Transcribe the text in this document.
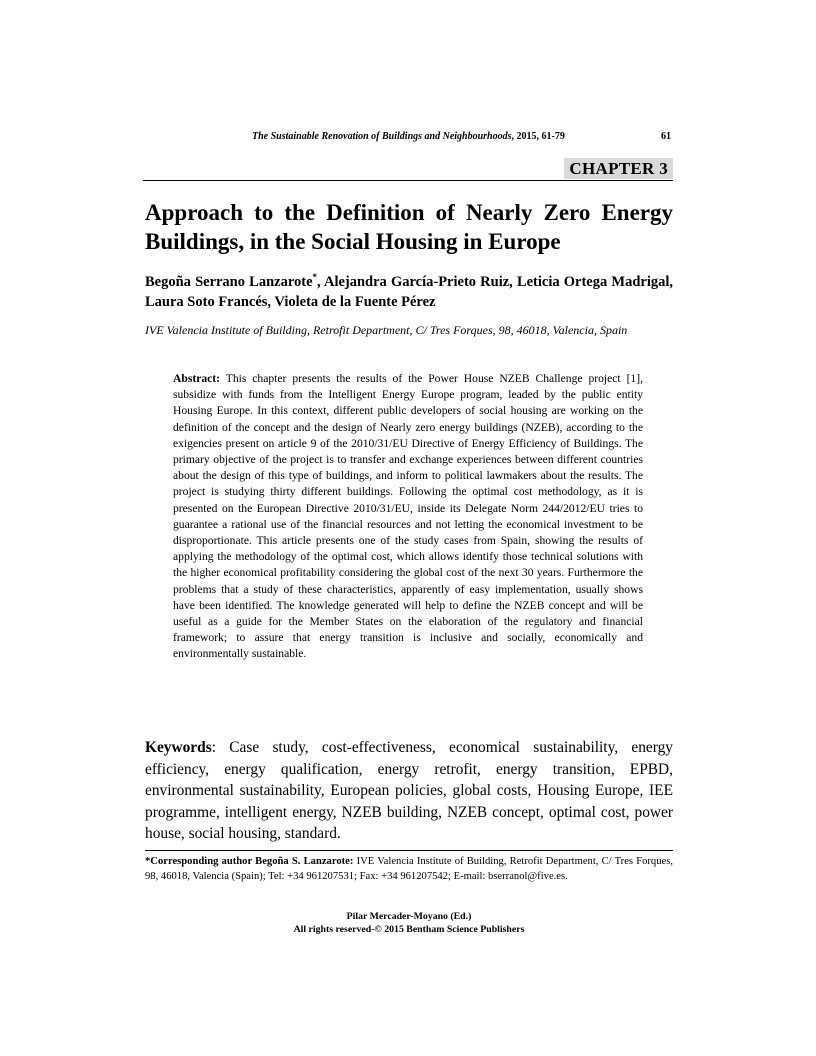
The Sustainable Renovation of Buildings and Neighbourhoods, 2015, 61-79	61
CHAPTER 3
Approach to the Definition of Nearly Zero Energy Buildings, in the Social Housing in Europe
Begoña Serrano Lanzarote*, Alejandra García-Prieto Ruiz, Leticia Ortega Madrigal, Laura Soto Francés, Violeta de la Fuente Pérez
IVE Valencia Institute of Building, Retrofit Department, C/ Tres Forques, 98, 46018, Valencia, Spain
Abstract: This chapter presents the results of the Power House NZEB Challenge project [1], subsidize with funds from the Intelligent Energy Europe program, leaded by the public entity Housing Europe. In this context, different public developers of social housing are working on the definition of the concept and the design of Nearly zero energy buildings (NZEB), according to the exigencies present on article 9 of the 2010/31/EU Directive of Energy Efficiency of Buildings. The primary objective of the project is to transfer and exchange experiences between different countries about the design of this type of buildings, and inform to political lawmakers about the results. The project is studying thirty different buildings. Following the optimal cost methodology, as it is presented on the European Directive 2010/31/EU, inside its Delegate Norm 244/2012/EU tries to guarantee a rational use of the financial resources and not letting the economical investment to be disproportionate. This article presents one of the study cases from Spain, showing the results of applying the methodology of the optimal cost, which allows identify those technical solutions with the higher economical profitability considering the global cost of the next 30 years. Furthermore the problems that a study of these characteristics, apparently of easy implementation, usually shows have been identified. The knowledge generated will help to define the NZEB concept and will be useful as a guide for the Member States on the elaboration of the regulatory and financial framework; to assure that energy transition is inclusive and socially, economically and environmentally sustainable.
Keywords: Case study, cost-effectiveness, economical sustainability, energy efficiency, energy qualification, energy retrofit, energy transition, EPBD, environmental sustainability, European policies, global costs, Housing Europe, IEE programme, intelligent energy, NZEB building, NZEB concept, optimal cost, power house, social housing, standard.
*Corresponding author Begoña S. Lanzarote: IVE Valencia Institute of Building, Retrofit Department, C/ Tres Forques, 98, 46018, Valencia (Spain); Tel: +34 961207531; Fax: +34 961207542; E-mail: bserranol@five.es.
Pilar Mercader-Moyano (Ed.)
All rights reserved-© 2015 Bentham Science Publishers
